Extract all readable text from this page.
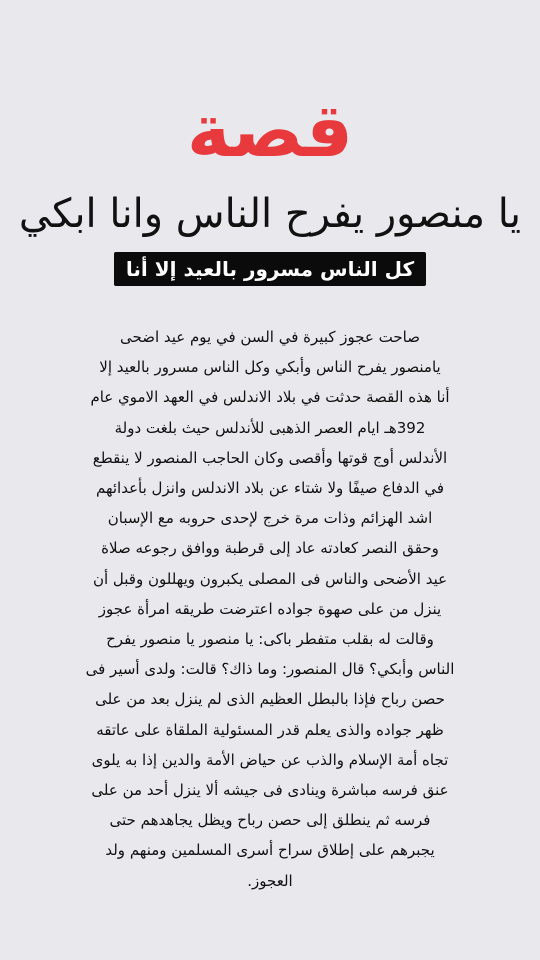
قصة
يا منصور يفرح الناس وانا ابكي
كل الناس مسرور بالعيد إلا أنا
صاحت عجوز كبيرة في السن في يوم عيد اضحى
يامنصور يفرح الناس وأبكي وكل الناس مسرور بالعيد إلا
أنا هذه القصة حدثت في بلاد الاندلس في العهد الاموي عام
392هـ ايام العصر الذهبى للأندلس حيث بلغت دولة
الأندلس أوج قوتها وأقصى وكان الحاجب المنصور لا ينقطع
في الدفاع صيفًا ولا شتاء عن بلاد الاندلس وانزل بأعدائهم
اشد الهزائم وذات مرة خرج لإحدى حروبه مع الإسبان
وحقق النصر كعادته عاد إلى قرطبة ووافق رجوعه صلاة
عيد الأضحى والناس فى المصلى يكبرون ويهللون وقبل أن
ينزل من على صهوة جواده اعترضت طريقه امرأة عجوز
وقالت له بقلب متفطر باكى: يا منصور يا منصور يفرح
الناس وأبكي؟ قال المنصور: وما ذاك؟ قالت: ولدى أسير فى
حصن رباح فإذا بالبطل العظيم الذى لم ينزل بعد من على
ظهر جواده والذى يعلم قدر المسئولية الملقاة على عاتقه
تجاه أمة الإسلام والذب عن حياض الأمة والدين إذا به يلوى
عنق فرسه مباشرة وينادى فى جيشه ألا ينزل أحد من على
فرسه ثم ينطلق إلى حصن رباح ويظل يجاهدهم حتى
يجبرهم على إطلاق سراح أسرى المسلمين ومنهم ولد
العجوز.
